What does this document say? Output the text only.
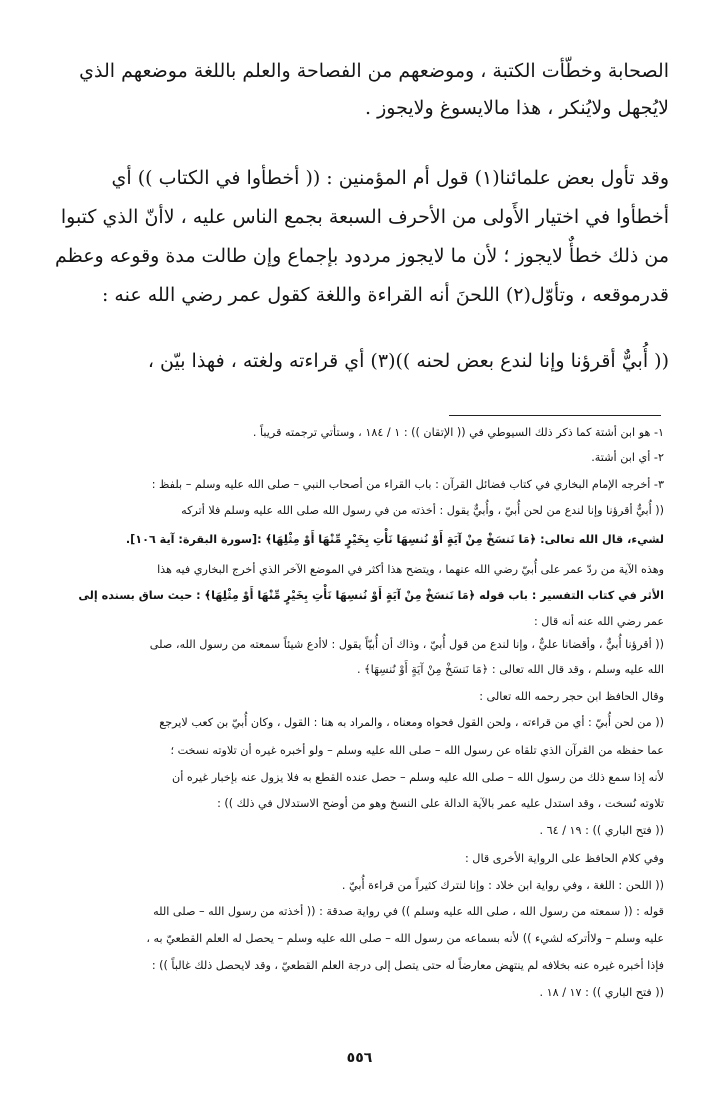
الصحابة وخطّأت الكتبة ، وموضعهم من الفصاحة والعلم باللغة موضعهم الذي

لايُجهل ولايُنكر ، هذا مالايسوغ ولايجوز .

وقد تأول بعض علمائنا(١) قول أم المؤمنين : (( أخطأوا في الكتاب )) أي

أخطأوا في اختيار الأَولى من الأحرف السبعة بجمع الناس عليه ، لاأنّ الذي كتبوا

من ذلك خطأٌ لايجوز ؛ لأن ما لايجوز مردود بإجماع وإن طالت مدة وقوعه وعظم

قدرموقعه ، وتأوّل(٢) اللحنَ أنه القراءة واللغة كقول عمر رضي الله عنه :

(( أُبيٌّ أقرؤنا وإنا لندع بعض لحنه ))(٣) أي قراءته ولغته ، فهذا بيّن ،

١- هو ابن أشتة كما ذكر ذلك السيوطي في (( الإتقان )) : ١ / ١٨٤ ، وستأتي ترجمته قريباً .

٢- أي ابن أشتة.

٣- أخرجه الإمام البخاري في كتاب فضائل القرآن : باب القراء من أصحاب النبي – صلى الله عليه وسلم – بلفظ :

(( أُبيٌّ أقرؤنا وإنا لندع من لحن أُبيّ ، وأُبيٌّ يقول : أخذته من في رسول الله صلى الله عليه وسلم فلا أتركه

لشيء، قال الله تعالى: ﴿مَا نَنسَخْ مِنْ آيَةٍ أَوْ نُنسِهَا نَأْتِ بِخَيْرٍ مِّنْهَا أَوْ مِثْلِهَا﴾ :[سورة البقرة: آية ١٠٦].

وهذه الآية من ردّ عمر على أُبيّ رضي الله عنهما ، ويتضح هذا أكثر في الموضع الآخر الذي أخرج البخاري فيه هذا

الأثر في كتاب التفسير : باب قوله ﴿مَا نَنسَخْ مِنْ آيَةٍ أَوْ نُنسِهَا نَأْتِ بِخَيْرٍ مِّنْهَا أَوْ مِثْلِهَا﴾ : حيث ساق بسنده إلى

عمر رضي الله عنه أنه قال :

(( أقرؤنا أُبيٌّ ، وأقضانا عليٌّ ، وإنا لندع من قول أُبيّ ، وذاك أن أُبيّاً يقول : لاأدع شيئاً سمعته من رسول الله، صلى

الله عليه وسلم ، وقد قال الله تعالى : ﴿مَا نَنسَخْ مِنْ آيَةٍ أَوْ نُنسِهَا﴾ .

وقال الحافظ ابن حجر رحمه الله تعالى :

(( من لحن أُبيّ : أي من قراءته ، ولحن القول فحواه ومعناه ، والمراد به هنا : القول ، وكان أُبيّ بن كعب لايرجع

عما حفظه من القرآن الذي تلقاه عن رسول الله – صلى الله عليه وسلم – ولو أخبره غيره أن تلاوته نسخت ؛

لأنه إذا سمع ذلك من رسول الله – صلى الله عليه وسلم – حصل عنده القطع به فلا يزول عنه بإخبار غيره أن

تلاوته نُسخت ، وقد استدل عليه عمر بالآية الدالة على النسخ وهو من أوضح الاستدلال في ذلك )) :

(( فتح الباري )) : ١٩ / ٦٤ .

وفي كلام الحافظ على الرواية الأخرى قال :

(( اللحن : اللغة ، وفي رواية ابن خلاد : وإنا لنترك كثيراً من قراءة أُبيّ .

قوله : (( سمعته من رسول الله ، صلى الله عليه وسلم )) في رواية صدقة : (( أخذته من رسول الله – صلى الله

عليه وسلم – ولاأتركه لشيء )) لأنه بسماعه من رسول الله – صلى الله عليه وسلم – يحصل له العلم القطعيّ به ،

فإذا أخبره غيره عنه بخلافه لم ينتهض معارضاً له حتى يتصل إلى درجة العلم القطعيّ ، وقد لايحصل ذلك غالباً )) :

(( فتح الباري )) : ١٧ / ١٨ .

٥٥٦
